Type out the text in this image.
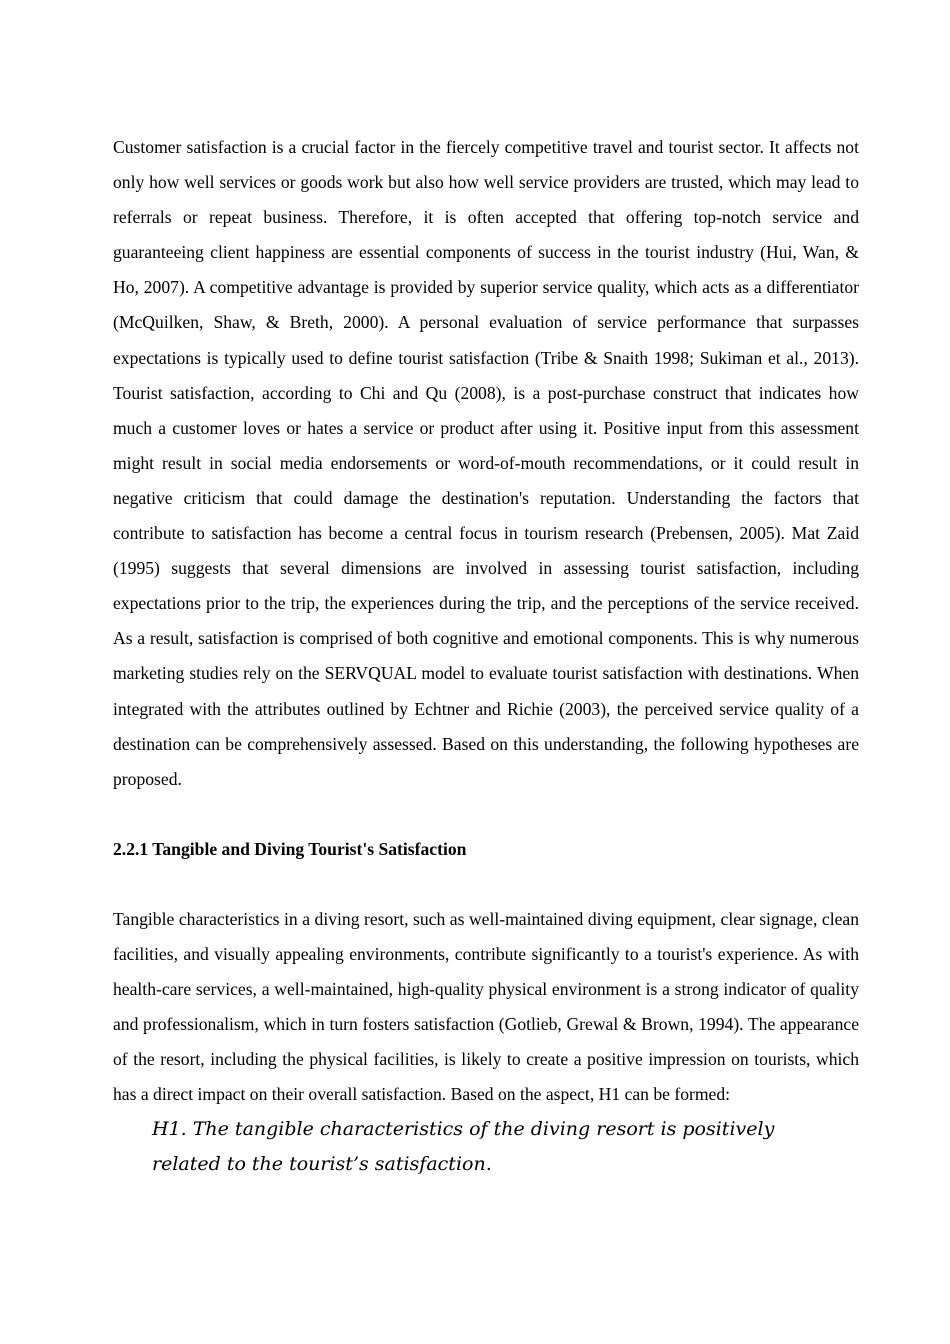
Customer satisfaction is a crucial factor in the fiercely competitive travel and tourist sector. It affects not only how well services or goods work but also how well service providers are trusted, which may lead to referrals or repeat business. Therefore, it is often accepted that offering top-notch service and guaranteeing client happiness are essential components of success in the tourist industry (Hui, Wan, & Ho, 2007). A competitive advantage is provided by superior service quality, which acts as a differentiator (McQuilken, Shaw, & Breth, 2000). A personal evaluation of service performance that surpasses expectations is typically used to define tourist satisfaction (Tribe & Snaith 1998; Sukiman et al., 2013). Tourist satisfaction, according to Chi and Qu (2008), is a post-purchase construct that indicates how much a customer loves or hates a service or product after using it. Positive input from this assessment might result in social media endorsements or word-of-mouth recommendations, or it could result in negative criticism that could damage the destination's reputation. Understanding the factors that contribute to satisfaction has become a central focus in tourism research (Prebensen, 2005). Mat Zaid (1995) suggests that several dimensions are involved in assessing tourist satisfaction, including expectations prior to the trip, the experiences during the trip, and the perceptions of the service received. As a result, satisfaction is comprised of both cognitive and emotional components. This is why numerous marketing studies rely on the SERVQUAL model to evaluate tourist satisfaction with destinations. When integrated with the attributes outlined by Echtner and Richie (2003), the perceived service quality of a destination can be comprehensively assessed. Based on this understanding, the following hypotheses are proposed.

2.2.1 Tangible and Diving Tourist's Satisfaction

Tangible characteristics in a diving resort, such as well-maintained diving equipment, clear signage, clean facilities, and visually appealing environments, contribute significantly to a tourist's experience. As with health-care services, a well-maintained, high-quality physical environment is a strong indicator of quality and professionalism, which in turn fosters satisfaction (Gotlieb, Grewal & Brown, 1994). The appearance of the resort, including the physical facilities, is likely to create a positive impression on tourists, which has a direct impact on their overall satisfaction. Based on the aspect, H1 can be formed:

H1. The tangible characteristics of the diving resort is positively related to the tourist’s satisfaction.
